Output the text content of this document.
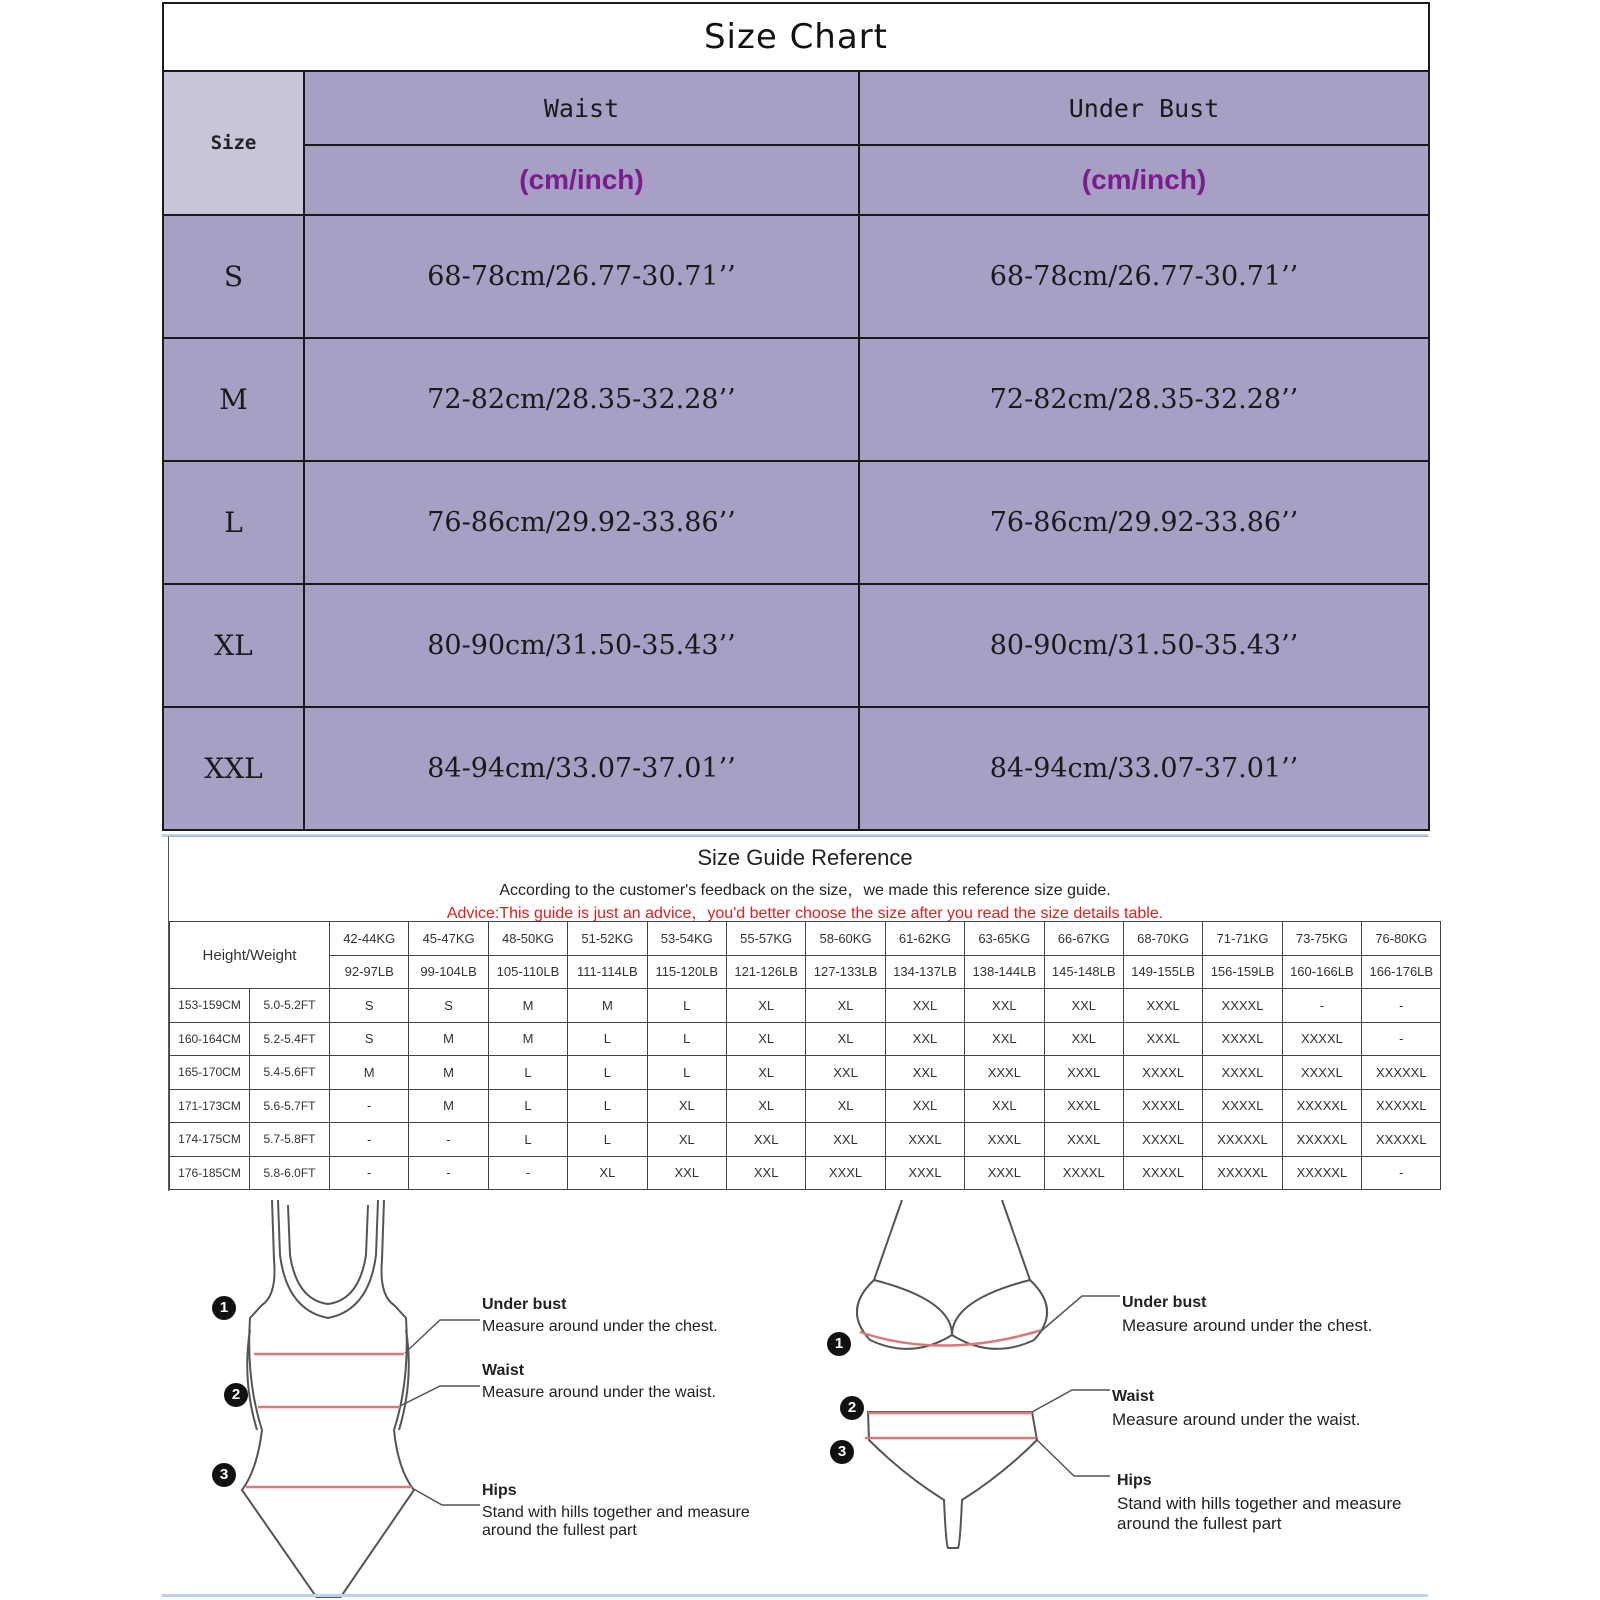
Size Chart		
Size	Waist	Under Bust
	(cm/inch)	(cm/inch)
S	68-78cm/26.77-30.71’’	68-78cm/26.77-30.71’’
M	72-82cm/28.35-32.28’’	72-82cm/28.35-32.28’’
L	76-86cm/29.92-33.86’’	76-86cm/29.92-33.86’’
XL	80-90cm/31.50-35.43’’	80-90cm/31.50-35.43’’
XXL	84-94cm/33.07-37.01’’	84-94cm/33.07-37.01’’
Size Guide Reference
According to the customer's feedback on the size，we made this reference size guide.
Advice:This guide is just an advice，you'd better choose the size after you read the size details table.
Height/Weight		42-44KG	45-47KG	48-50KG	51-52KG	53-54KG	55-57KG	58-60KG	61-62KG	63-65KG	66-67KG	68-70KG	71-71KG	73-75KG	76-80KG
		92-97LB	99-104LB	105-110LB	111-114LB	115-120LB	121-126LB	127-133LB	134-137LB	138-144LB	145-148LB	149-155LB	156-159LB	160-166LB	166-176LB
153-159CM	5.0-5.2FT	S	S	M	M	L	XL	XL	XXL	XXL	XXL	XXXL	XXXXL	-	-
160-164CM	5.2-5.4FT	S	M	M	L	L	XL	XL	XXL	XXL	XXL	XXXL	XXXXL	XXXXL	-
165-170CM	5.4-5.6FT	M	M	L	L	L	XL	XXL	XXL	XXXL	XXXL	XXXXL	XXXXL	XXXXL	XXXXXL
171-173CM	5.6-5.7FT	-	M	L	L	XL	XL	XL	XXL	XXL	XXXL	XXXXL	XXXXL	XXXXXL	XXXXXL
174-175CM	5.7-5.8FT	-	-	L	L	XL	XXL	XXL	XXXL	XXXL	XXXL	XXXXL	XXXXXL	XXXXXL	XXXXXL
176-185CM	5.8-6.0FT	-	-	-	XL	XXL	XXL	XXXL	XXXL	XXXL	XXXXL	XXXXL	XXXXXL	XXXXXL	-
1
2
3
1
2
3
Under bust
Measure around under the chest.
Waist
Measure around under the waist.
Hips
Stand with hills together and measure
around the fullest part
Under bust
Measure around under the chest.
Waist
Measure around under the waist.
Hips
Stand with hills together and measure
around the fullest part
